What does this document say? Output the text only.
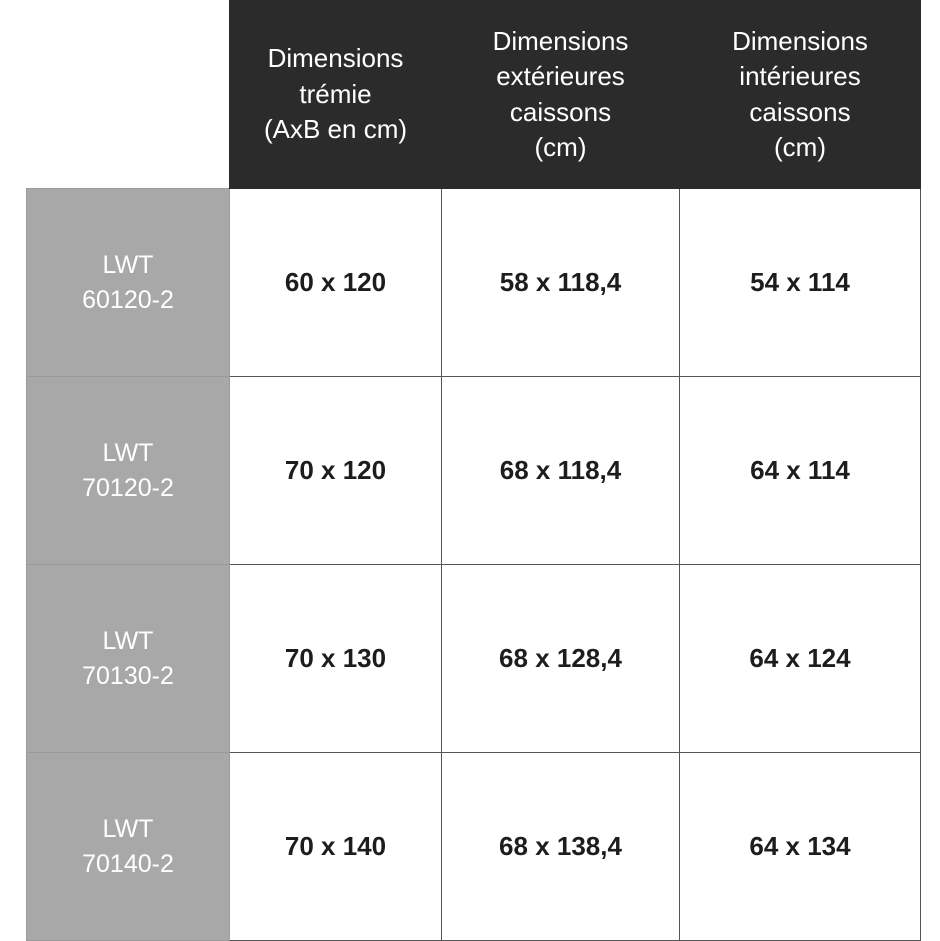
	Dimensions
trémie
(AxB en cm)	Dimensions
extérieures
caissons
(cm)	Dimensions
intérieures
caissons
(cm)

LWT
60120-2	60 x 120	58 x 118,4	54 x 114

LWT
70120-2	70 x 120	68 x 118,4	64 x 114

LWT
70130-2	70 x 130	68 x 128,4	64 x 124

LWT
70140-2	70 x 140	68 x 138,4	64 x 134
